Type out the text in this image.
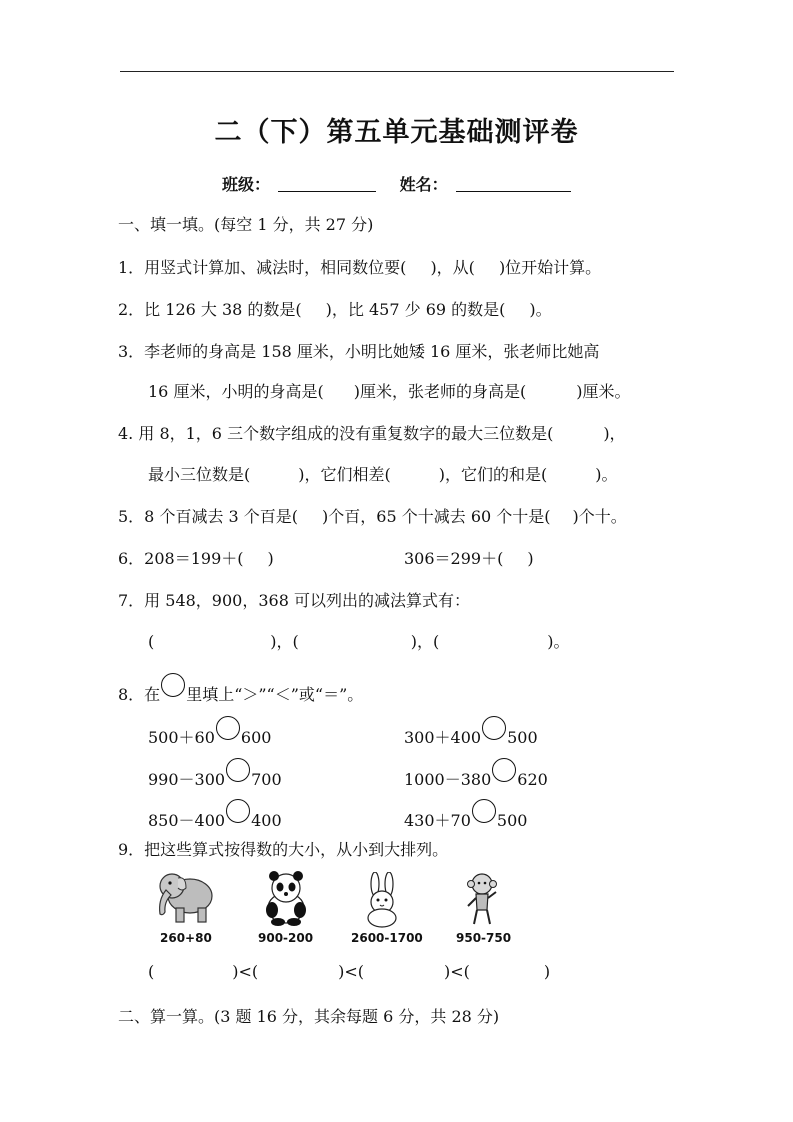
二（下）第五单元基础测评卷
班级：	姓名：
一、填一填。(每空 1 分，共 27 分)
1．用竖式计算加、减法时，相同数位要( )，从( )位开始计算。
2．比 126 大 38 的数是( )，比 457 少 69 的数是( )。
3．李老师的身高是 158 厘米，小明比她矮 16 厘米，张老师比她高
16 厘米，小明的身高是( )厘米，张老师的身高是(	)厘米。
4. 用 8，1，6 三个数字组成的没有重复数字的最大三位数是(	)，
最小三位数是(	)，它们相差(	)，它们的和是(	)。
5．8 个百减去 3 个百是( )个百，65 个十减去 60 个十是( )个十。
6．208＝199＋( )	306＝299＋( )
7．用 548，900，368 可以列出的减法算式有：
(	)，(	)，(	)。
8．在 里填上“＞”“＜”或“＝”。
500＋60 600	300＋400 500
990－300 700	1000－380 620
850－400 400	430＋70 500
9．把这些算式按得数的大小，从小到大排列。
260+80	900-200	2600-1700	950-750
(	)<(	)<(	)<(	)
二、算一算。(3 题 16 分，其余每题 6 分，共 28 分)
